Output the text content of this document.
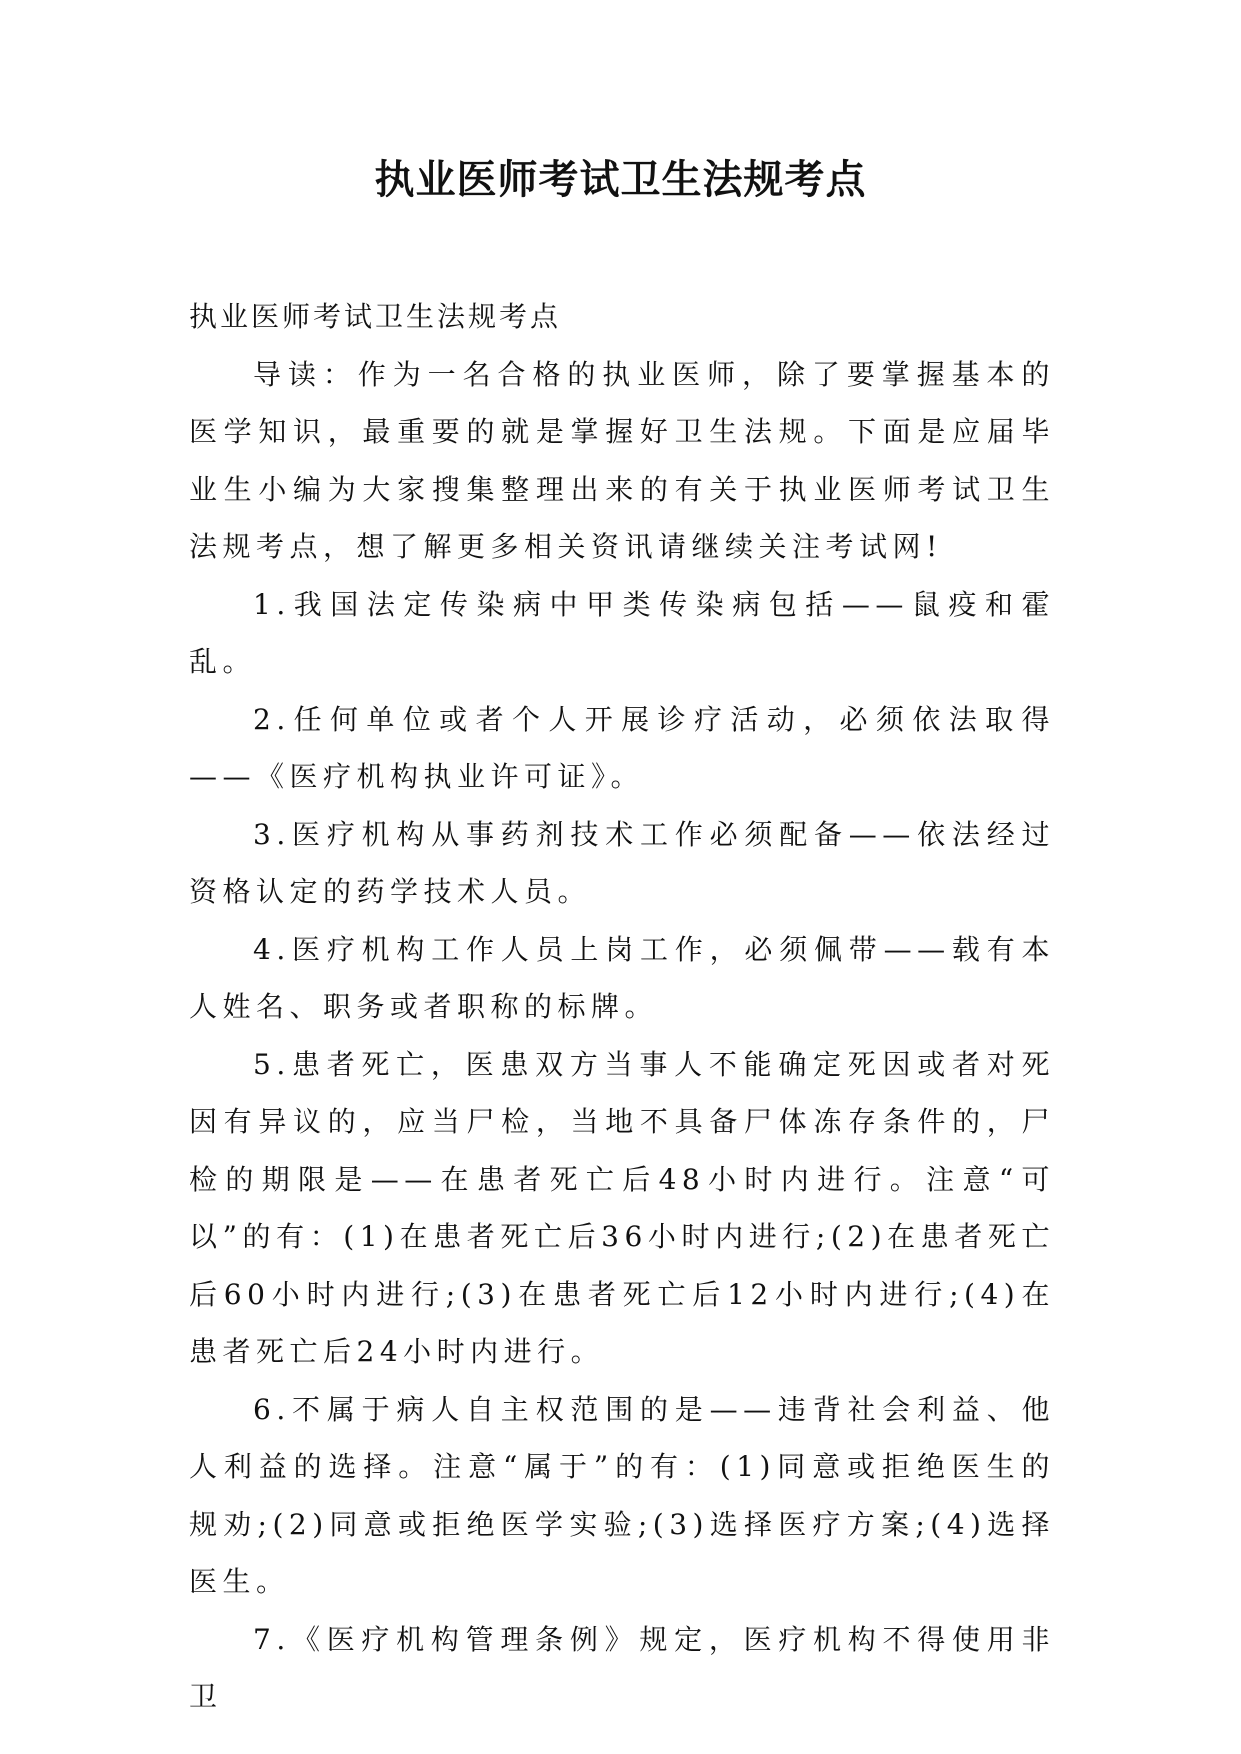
执业医师考试卫生法规考点

执业医师考试卫生法规考点

导读：作为一名合格的执业医师，除了要掌握基本的医学知识，最重要的就是掌握好卫生法规。下面是应届毕业生小编为大家搜集整理出来的有关于执业医师考试卫生法规考点，想了解更多相关资讯请继续关注考试网!

1.我国法定传染病中甲类传染病包括——鼠疫和霍乱。

2.任何单位或者个人开展诊疗活动，必须依法取得——《医疗机构执业许可证》。

3.医疗机构从事药剂技术工作必须配备——依法经过资格认定的药学技术人员。

4.医疗机构工作人员上岗工作，必须佩带——载有本人姓名、职务或者职称的标牌。

5.患者死亡，医患双方当事人不能确定死因或者对死因有异议的，应当尸检，当地不具备尸体冻存条件的，尸检的期限是——在患者死亡后48小时内进行。注意“可以”的有：(1)在患者死亡后36小时内进行;(2)在患者死亡后60小时内进行;(3)在患者死亡后12小时内进行;(4)在患者死亡后24小时内进行。

6.不属于病人自主权范围的是——违背社会利益、他人利益的选择。注意“属于”的有：(1)同意或拒绝医生的规劝;(2)同意或拒绝医学实验;(3)选择医疗方案;(4)选择医生。

7.《医疗机构管理条例》规定，医疗机构不得使用非卫
